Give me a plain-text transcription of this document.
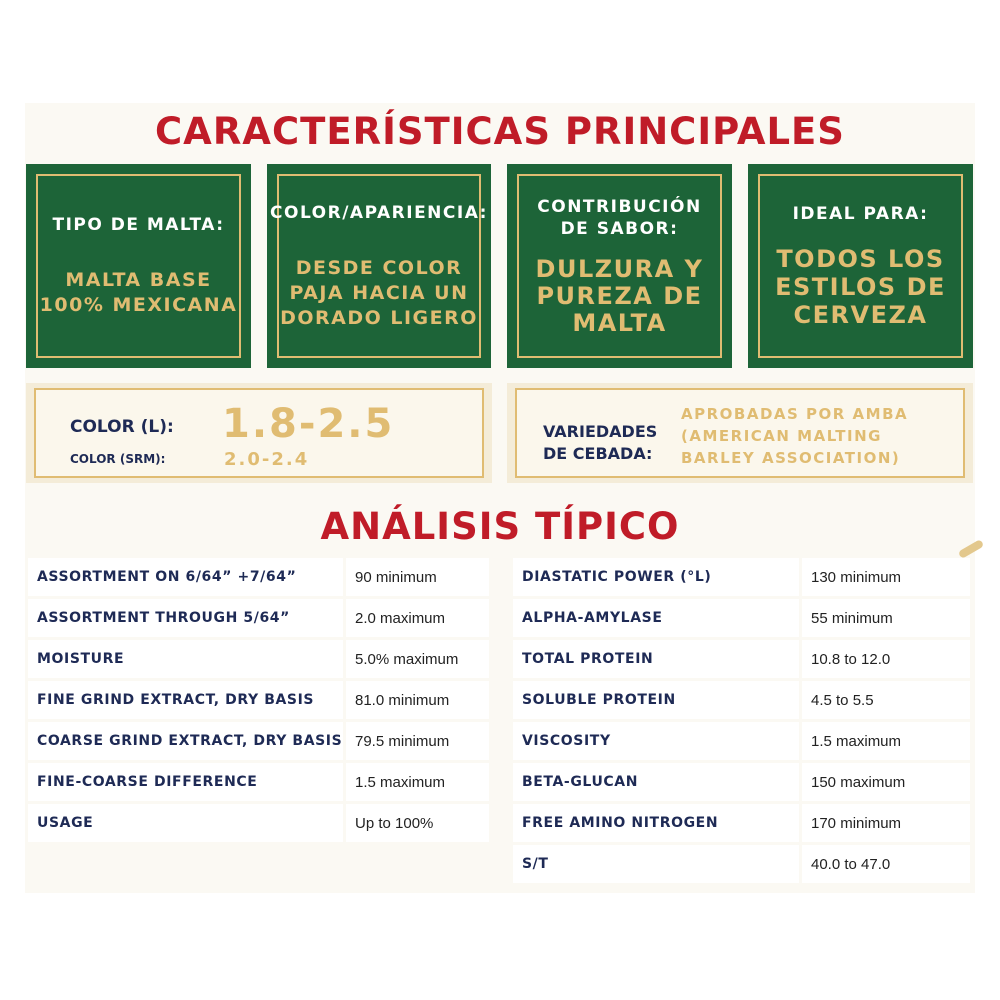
CARACTERÍSTICAS PRINCIPALES
TIPO DE MALTA:
MALTA BASE
100% MEXICANA
COLOR/APARIENCIA:
DESDE COLOR
PAJA HACIA UN
DORADO LIGERO
CONTRIBUCIÓN
DE SABOR:
DULZURA Y
PUREZA DE
MALTA
IDEAL PARA:
TODOS LOS
ESTILOS DE
CERVEZA
COLOR (L): 1.8-2.5
COLOR (SRM):	2.0-2.4
VARIEDADES
DE CEBADA:
APROBADAS POR AMBA
(AMERICAN MALTING
BARLEY ASSOCIATION)
ANÁLISIS TÍPICO
ASSORTMENT ON 6/64” +7/64”	90 minimum
ASSORTMENT THROUGH 5/64”	2.0 maximum
MOISTURE	5.0% maximum
FINE GRIND EXTRACT, DRY BASIS	81.0 minimum
COARSE GRIND EXTRACT, DRY BASIS	79.5 minimum
FINE-COARSE DIFFERENCE	1.5 maximum
USAGE	Up to 100%
DIASTATIC POWER (°L)	130 minimum
ALPHA-AMYLASE	55 minimum
TOTAL PROTEIN	10.8 to 12.0
SOLUBLE PROTEIN	4.5 to 5.5
VISCOSITY	1.5 maximum
BETA-GLUCAN	150 maximum
FREE AMINO NITROGEN	170 minimum
S/T	40.0 to 47.0
